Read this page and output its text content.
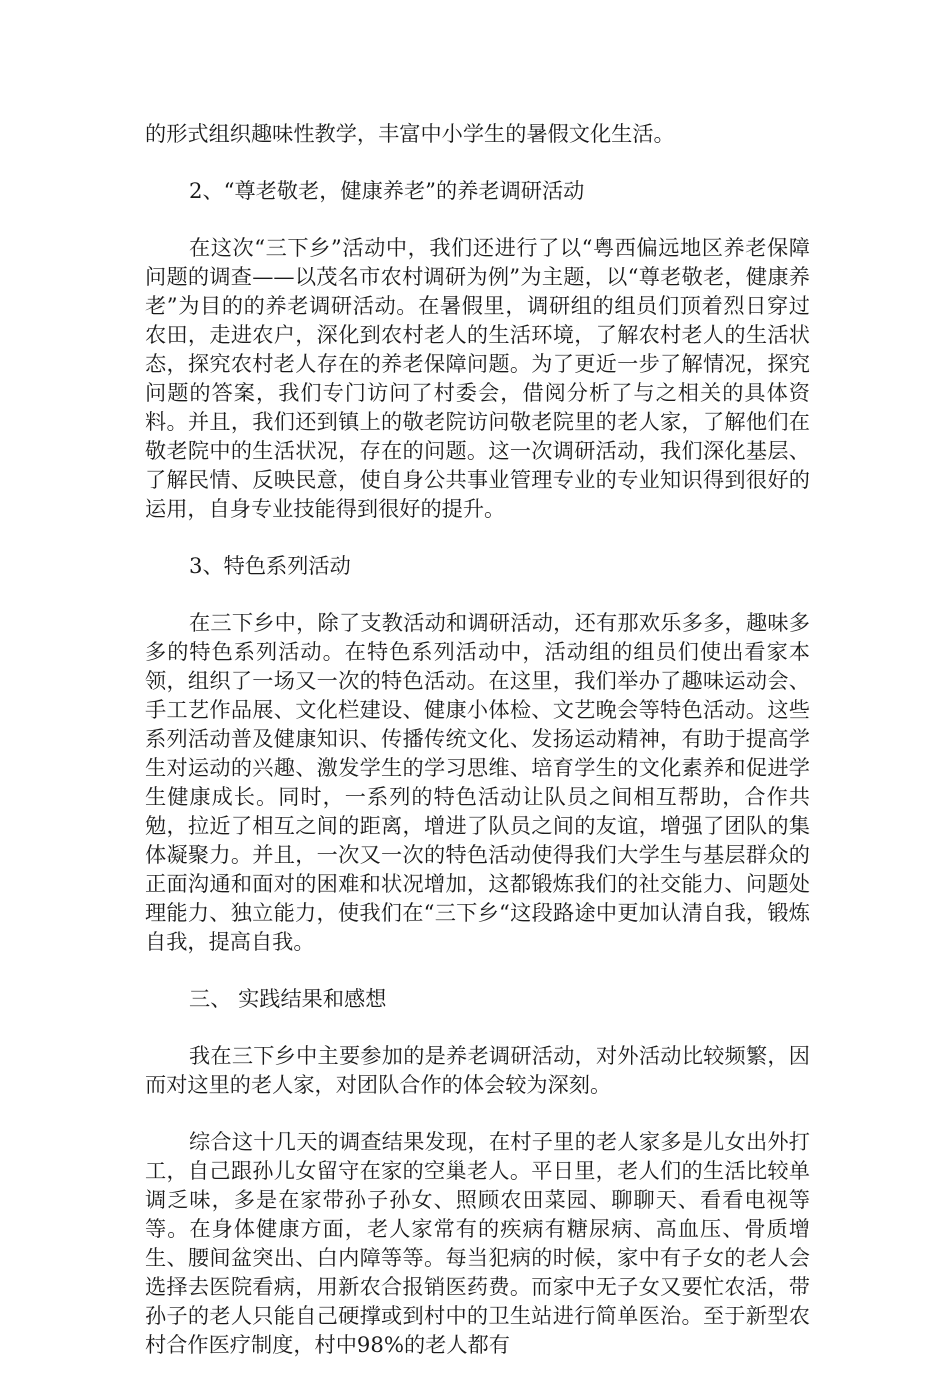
的形式组织趣味性教学，丰富中小学生的暑假文化生活。

2、“尊老敬老，健康养老”的养老调研活动

在这次“三下乡”活动中，我们还进行了以“粤西偏远地区养老保障问题的调查——以茂名市农村调研为例”为主题，以“尊老敬老，健康养老”为目的的养老调研活动。在暑假里，调研组的组员们顶着烈日穿过农田，走进农户，深化到农村老人的生活环境，了解农村老人的生活状态，探究农村老人存在的养老保障问题。为了更近一步了解情况，探究问题的答案，我们专门访问了村委会，借阅分析了与之相关的具体资料。并且，我们还到镇上的敬老院访问敬老院里的老人家，了解他们在敬老院中的生活状况，存在的问题。这一次调研活动，我们深化基层、了解民情、反映民意，使自身公共事业管理专业的专业知识得到很好的运用，自身专业技能得到很好的提升。

3、特色系列活动

在三下乡中，除了支教活动和调研活动，还有那欢乐多多，趣味多多的特色系列活动。在特色系列活动中，活动组的组员们使出看家本领，组织了一场又一次的特色活动。在这里，我们举办了趣味运动会、手工艺作品展、文化栏建设、健康小体检、文艺晚会等特色活动。这些系列活动普及健康知识、传播传统文化、发扬运动精神，有助于提高学生对运动的兴趣、激发学生的学习思维、培育学生的文化素养和促进学生健康成长。同时，一系列的特色活动让队员之间相互帮助，合作共勉，拉近了相互之间的距离，增进了队员之间的友谊，增强了团队的集体凝聚力。并且，一次又一次的特色活动使得我们大学生与基层群众的正面沟通和面对的困难和状况增加，这都锻炼我们的社交能力、问题处理能力、独立能力，使我们在“三下乡“这段路途中更加认清自我，锻炼自我，提高自我。

三、 实践结果和感想

我在三下乡中主要参加的是养老调研活动，对外活动比较频繁，因而对这里的老人家，对团队合作的体会较为深刻。

综合这十几天的调查结果发现，在村子里的老人家多是儿女出外打工，自己跟孙儿女留守在家的空巢老人。平日里，老人们的生活比较单调乏味，多是在家带孙子孙女、照顾农田菜园、聊聊天、看看电视等等。在身体健康方面，老人家常有的疾病有糖尿病、高血压、骨质增生、腰间盆突出、白内障等等。每当犯病的时候，家中有子女的老人会选择去医院看病，用新农合报销医药费。而家中无子女又要忙农活，带孙子的老人只能自己硬撑或到村中的卫生站进行简单医治。至于新型农村合作医疗制度，村中98%的老人都有
